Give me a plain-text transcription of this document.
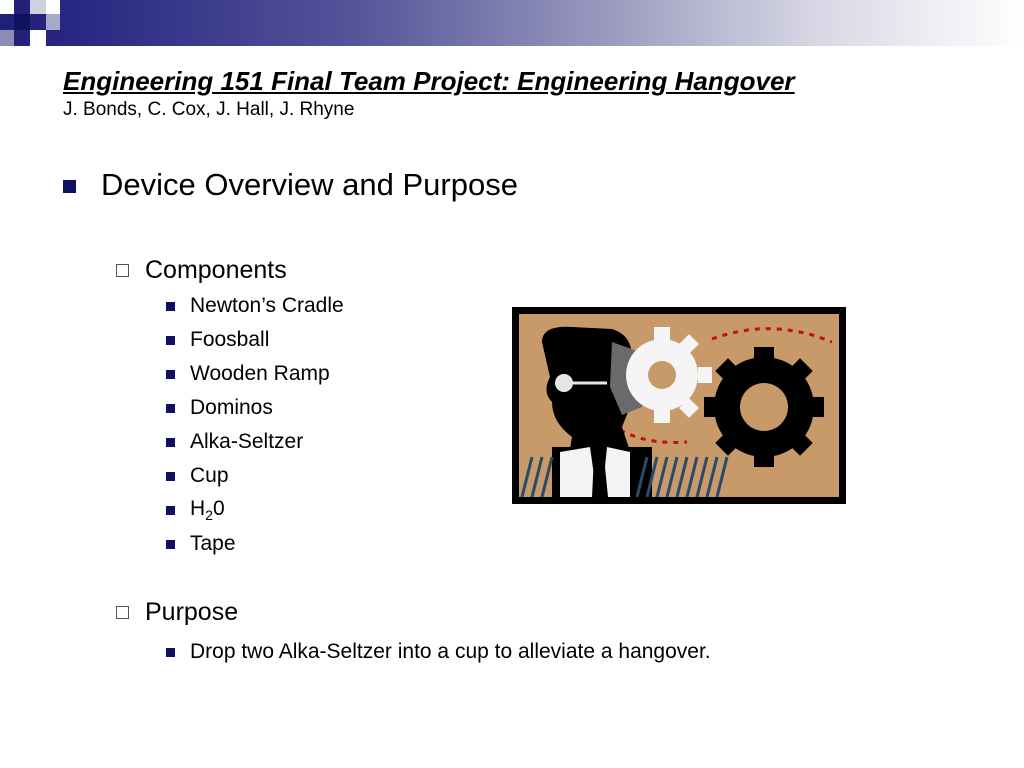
Engineering 151 Final Team Project: Engineering Hangover
J. Bonds, C. Cox, J. Hall, J. Rhyne
Device Overview and Purpose
Components
Newton’s Cradle
Foosball
Wooden Ramp
Dominos
Alka-Seltzer
Cup
$H_20$
Tape
Purpose
Drop two Alka-Seltzer into a cup to alleviate a hangover.
